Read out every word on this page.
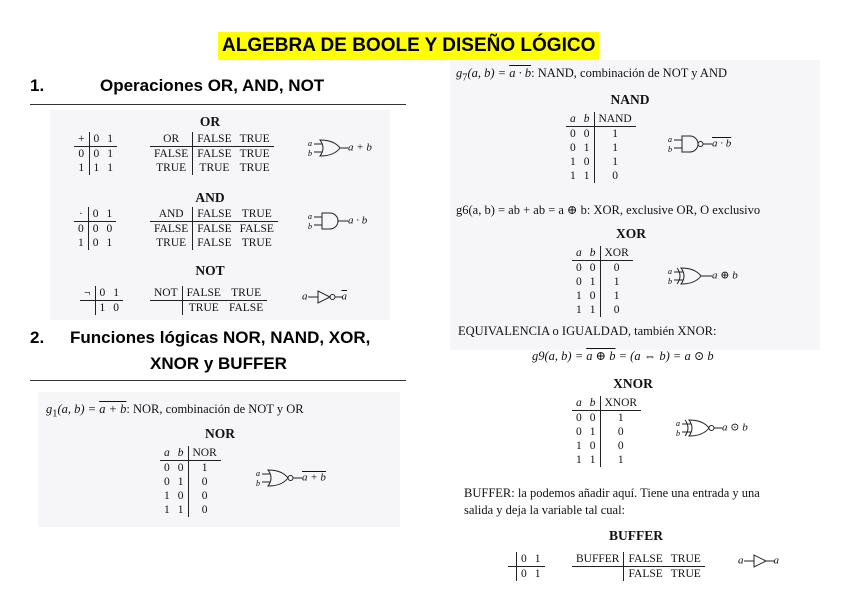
ALGEBRA DE BOOLE Y DISEÑO LÓGICO
1.	Operaciones OR, AND, NOT
OR
+	0	1
0	0	1
1	1	1
OR	FALSE	TRUE
FALSE	FALSE	TRUE
TRUE	TRUE	TRUE
a
b	a + b
AND
·	0	1
0	0	0
1	0	1
AND	FALSE	TRUE
FALSE	FALSE	FALSE
TRUE	FALSE	TRUE
a
b	a · b
NOT
¬	0	1
	1	0
NOT	FALSE	TRUE
	TRUE	FALSE
a	$\overline{a}$
2. Funciones lógicas NOR, NAND, XOR,
XNOR y BUFFER
$g_1(a$, b) = a + b: NOR, combinación de NOT y OR
NOR
a	b	NOR
0	0	1
0	1	0
1	0	0
1	1	0
a
b	a + b
$g_7(a$, b) = a · b: NAND, combinación de NOT y AND
NAND
a	b	NAND
0	0	1
0	1	1
1	0	1
1	1	0
a
b	a · b
g6(a, b) = ab + ab = a ⊕ b: XOR, exclusive OR, O exclusivo
XOR
a	b	XOR
0	0	0
0	1	1
1	0	1
1	1	0
a
b	a ⊕ b
EQUIVALENCIA o IGUALDAD, también XNOR:
g9(a, b) = a ⊕ b = (a ⇔ b) = a ⊙ b
XNOR
a	b	XNOR
0	0	1
0	1	0
1	0	0
1	1	1
a
b	a ⊙ b
BUFFER: la podemos añadir aquí. Tiene una entrada y una
salida y deja la variable tal cual:
BUFFER
	0	1
	0	1
BUFFER	FALSE	TRUE
	FALSE	TRUE
a	a
